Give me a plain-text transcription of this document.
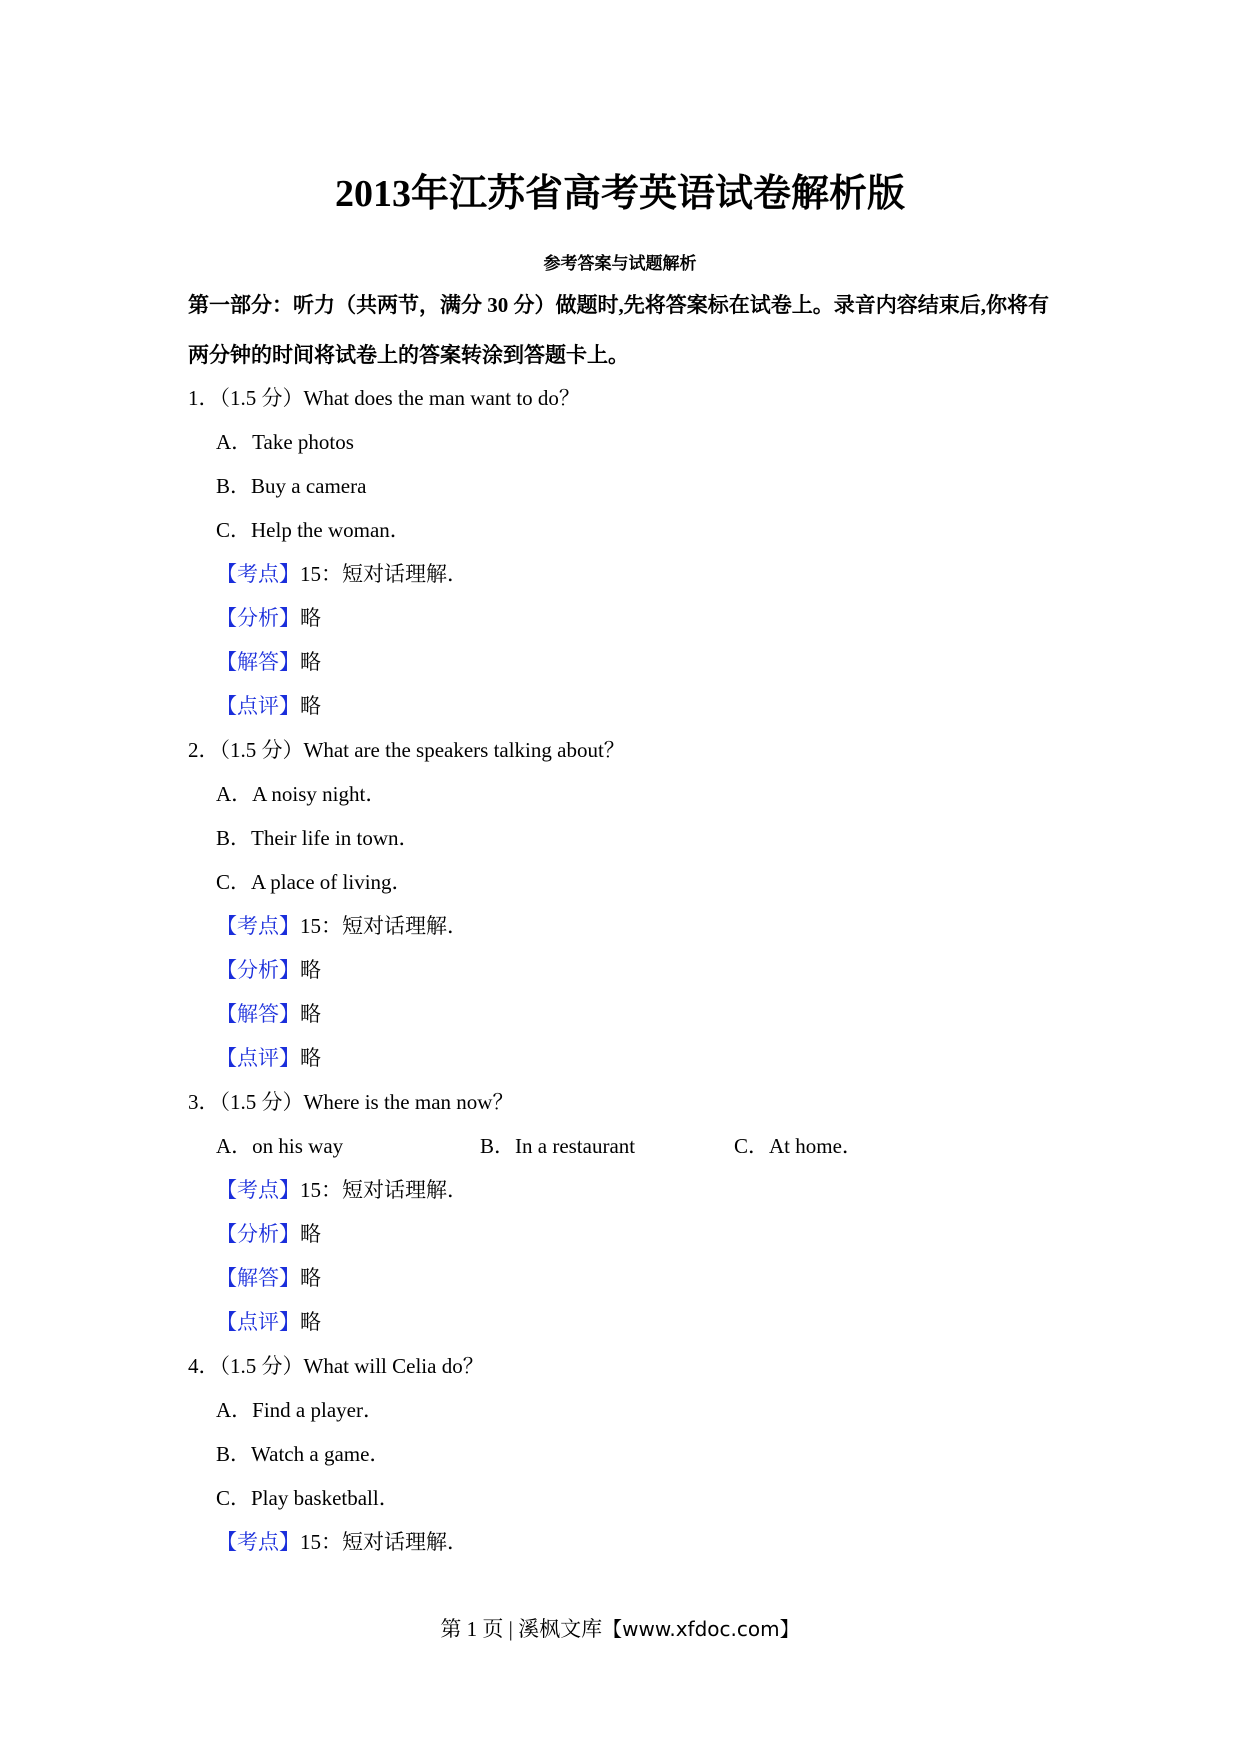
2013年江苏省高考英语试卷解析版
参考答案与试题解析
第一部分：听力（共两节，满分 30 分）做题时,先将答案标在试卷上。录音内容结束后,你将有两分钟的时间将试卷上的答案转涂到答题卡上。
1．（1.5 分）What does the man want to do？
A．Take photos
B．Buy a camera
C．Help the woman．
【考点】15：短对话理解．
【分析】略
【解答】略
【点评】略
2．（1.5 分）What are the speakers talking about？
A．A noisy night．
B．Their life in town．
C．A place of living．
【考点】15：短对话理解．
【分析】略
【解答】略
【点评】略
3．（1.5 分）Where is the man now？
A．on his way	B．In a restaurant	C．At home．
【考点】15：短对话理解．
【分析】略
【解答】略
【点评】略
4．（1.5 分）What will Celia do？
A．Find a player．
B．Watch a game．
C．Play basketball．
【考点】15：短对话理解．
第 1 页 | 溪枫文库【www.xfdoc.com】
